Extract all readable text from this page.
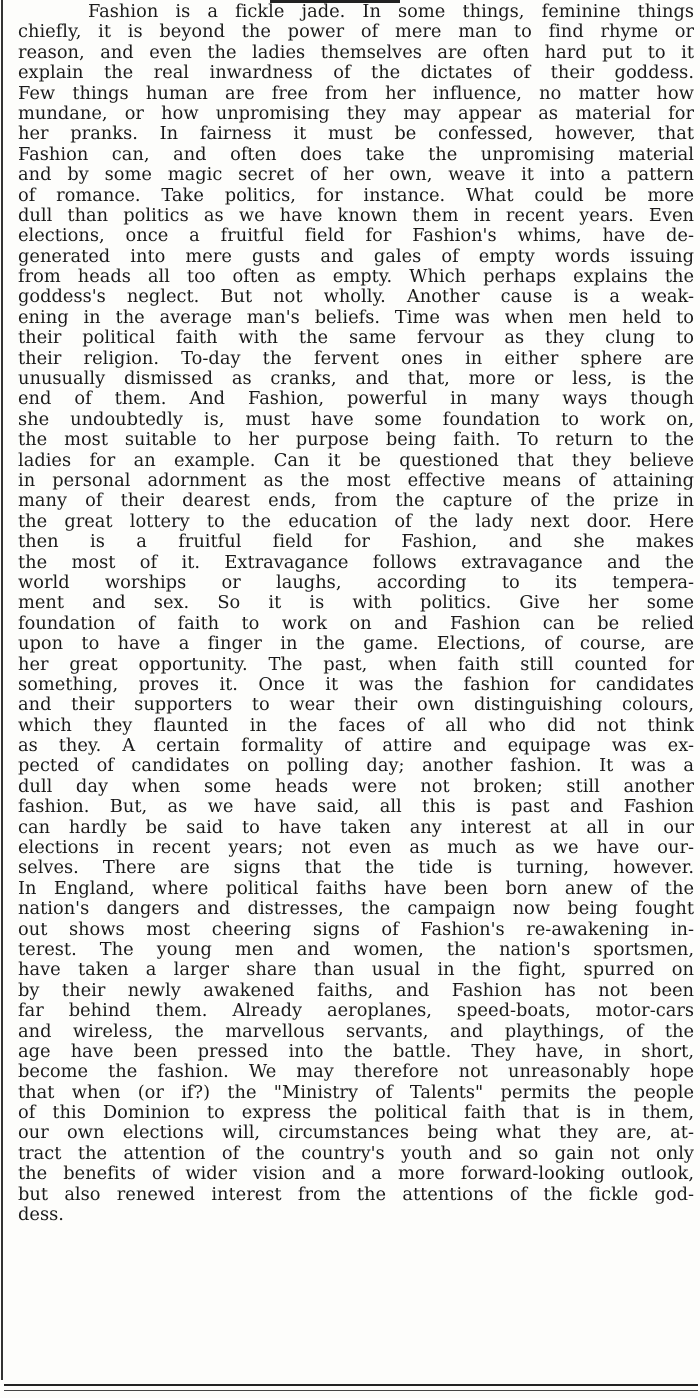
Fashion is a fickle jade. In some things, feminine things
chiefly, it is beyond the power of mere man to find rhyme or
reason, and even the ladies themselves are often hard put to it
explain the real inwardness of the dictates of their goddess.
Few things human are free from her influence, no matter how
mundane, or how unpromising they may appear as material for
her pranks. In fairness it must be confessed, however, that
Fashion can, and often does take the unpromising material
and by some magic secret of her own, weave it into a pattern
of romance. Take politics, for instance. What could be more
dull than politics as we have known them in recent years. Even
elections, once a fruitful field for Fashion's whims, have de-
generated into mere gusts and gales of empty words issuing
from heads all too often as empty. Which perhaps explains the
goddess's neglect. But not wholly. Another cause is a weak-
ening in the average man's beliefs. Time was when men held to
their political faith with the same fervour as they clung to
their religion. To-day the fervent ones in either sphere are
unusually dismissed as cranks, and that, more or less, is the
end of them. And Fashion, powerful in many ways though
she undoubtedly is, must have some foundation to work on,
the most suitable to her purpose being faith. To return to the
ladies for an example. Can it be questioned that they believe
in personal adornment as the most effective means of attaining
many of their dearest ends, from the capture of the prize in
the great lottery to the education of the lady next door. Here
then is a fruitful field for Fashion, and she makes
the most of it. Extravagance follows extravagance and the
world worships or laughs, according to its tempera-
ment and sex. So it is with politics. Give her some
foundation of faith to work on and Fashion can be relied
upon to have a finger in the game. Elections, of course, are
her great opportunity. The past, when faith still counted for
something, proves it. Once it was the fashion for candidates
and their supporters to wear their own distinguishing colours,
which they flaunted in the faces of all who did not think
as they. A certain formality of attire and equipage was ex-
pected of candidates on polling day; another fashion. It was a
dull day when some heads were not broken; still another
fashion. But, as we have said, all this is past and Fashion
can hardly be said to have taken any interest at all in our
elections in recent years; not even as much as we have our-
selves. There are signs that the tide is turning, however.
In England, where political faiths have been born anew of the
nation's dangers and distresses, the campaign now being fought
out shows most cheering signs of Fashion's re-awakening in-
terest. The young men and women, the nation's sportsmen,
have taken a larger share than usual in the fight, spurred on
by their newly awakened faiths, and Fashion has not been
far behind them. Already aeroplanes, speed-boats, motor-cars
and wireless, the marvellous servants, and playthings, of the
age have been pressed into the battle. They have, in short,
become the fashion. We may therefore not unreasonably hope
that when (or if?) the "Ministry of Talents" permits the people
of this Dominion to express the political faith that is in them,
our own elections will, circumstances being what they are, at-
tract the attention of the country's youth and so gain not only
the benefits of wider vision and a more forward-looking outlook,
but also renewed interest from the attentions of the fickle god-
dess.
